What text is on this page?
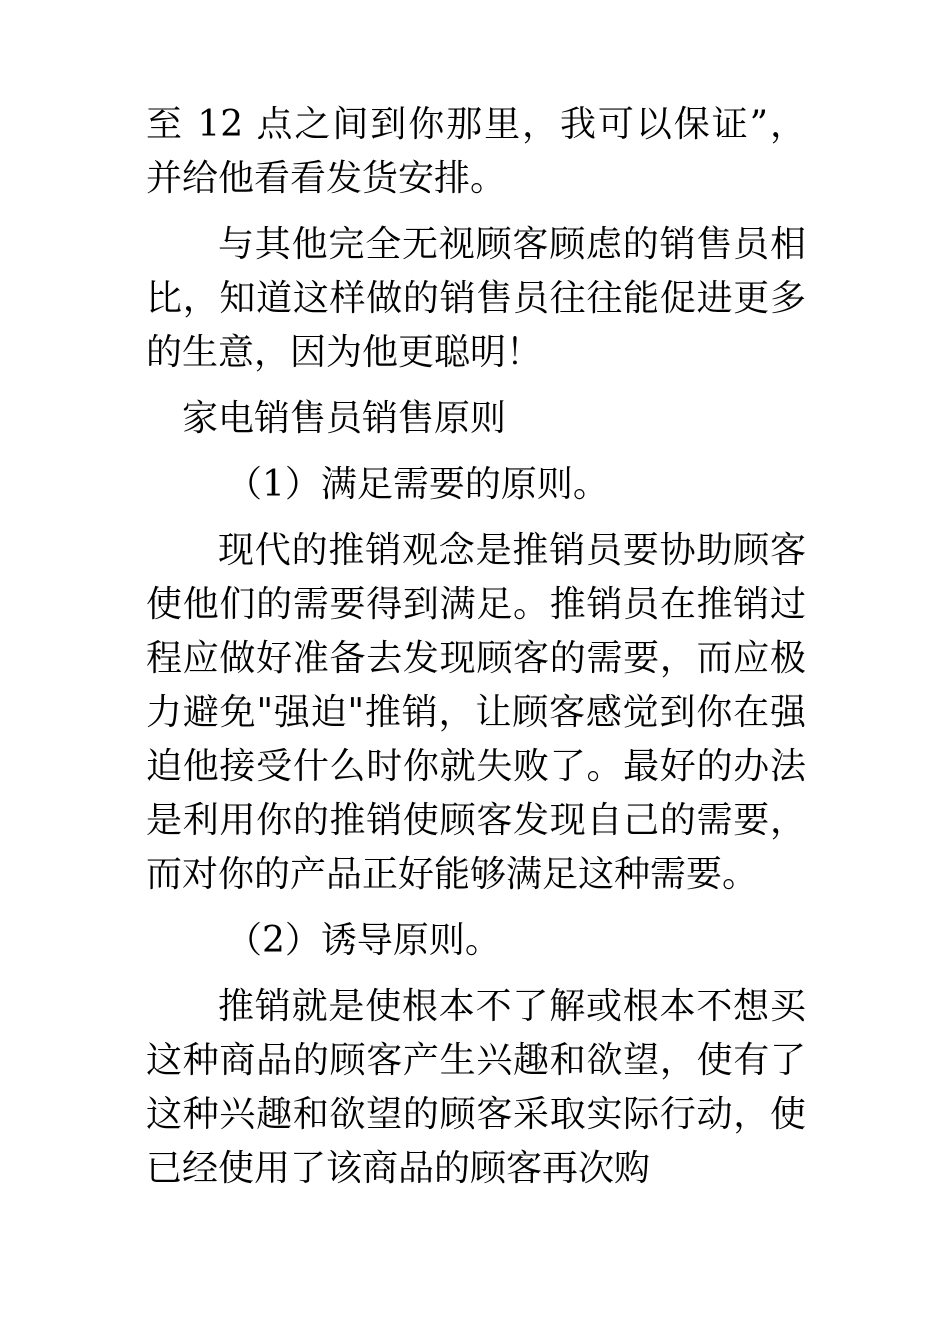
至 12 点之间到你那里，我可以保证”，并给他看看发货安排。

与其他完全无视顾客顾虑的销售员相比，知道这样做的销售员往往能促进更多的生意，因为他更聪明！

家电销售员销售原则

（1）满足需要的原则。

现代的推销观念是推销员要协助顾客使他们的需要得到满足。推销员在推销过程应做好准备去发现顾客的需要，而应极力避免"强迫"推销，让顾客感觉到你在强迫他接受什么时你就失败了。最好的办法是利用你的推销使顾客发现自己的需要，而对你的产品正好能够满足这种需要。

（2）诱导原则。

推销就是使根本不了解或根本不想买这种商品的顾客产生兴趣和欲望，使有了这种兴趣和欲望的顾客采取实际行动，使已经使用了该商品的顾客再次购
